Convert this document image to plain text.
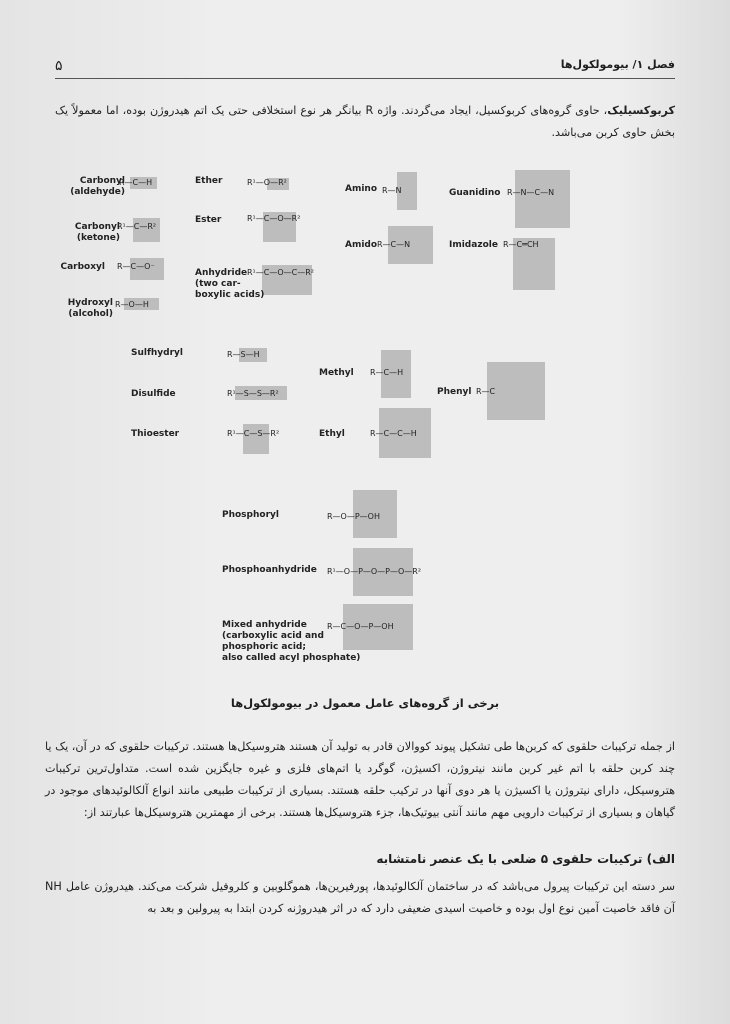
۵	فصل ۱/ بیومولکول‌ها
کربوکسیلیک، حاوی گروه‌های کربوکسیل، ایجاد می‌گردند. واژه R بیانگر هر نوع استخلافی حتی یک اتم هیدروژن بوده، اما معمولاً یک بخش حاوی کربن می‌باشد.
Carbonyl
(aldehyde)
Carbonyl
(ketone)
Carboxyl
Hydroxyl
(alcohol)
Ether
Ester
Anhydride
(two car-
boxylic acids)
Amino
Amido
Guanidino
Imidazole
Sulfhydryl
Disulfide
Thioester
Methyl
Ethyl
Phenyl
Phosphoryl
Phosphoanhydride
Mixed anhydride
(carboxylic acid and
phosphoric acid;
also called acyl phosphate)
R—C—H
R¹—C—R²
R—C—O⁻
R—O—H
R¹—O—R²
R¹—C—O—R²
R¹—C—O—C—R²
R—N
R—C—N
R—N—C—N
R—C═CH
R—S—H
R¹—S—S—R²
R¹—C—S—R²
R—C—H
R—C—C—H
R—C
R—O—P—OH
R¹—O—P—O—P—O—R²
R—C—O—P—OH
برخی از گروه‌های عامل معمول در بیومولکول‌ها
از جمله ترکیبات حلقوی که کربن‌ها طی تشکیل پیوند کووالان قادر به تولید آن هستند هتروسیکل‌ها هستند. ترکیبات حلقوی که در آن، یک یا چند کربن حلقه با اتم غیر کربن مانند نیتروژن، اکسیژن، گوگرد یا اتم‌های فلزی و غیره جایگزین شده است. متداول‌ترین ترکیبات هتروسیکل، دارای نیتروژن یا اکسیژن یا هر دوی آنها در ترکیب حلقه هستند. بسیاری از ترکیبات طبیعی مانند انواع آلکالوئیدهای موجود در گیاهان و بسیاری از ترکیبات دارویی مهم مانند آنتی بیوتیک‌ها، جزء هتروسیکل‌ها هستند. برخی از مهمترین هتروسیکل‌ها عبارتند از:
الف) ترکیبات حلقوی ۵ ضلعی با یک عنصر نامتشابه
سر دسته این ترکیبات پیرول می‌باشد که در ساختمان آلکالوئیدها، پورفیرین‌ها، هموگلوبین و کلروفیل شرکت می‌کند. هیدروژن عامل NH آن فاقد خاصیت آمین نوع اول بوده و خاصیت اسیدی ضعیفی دارد که در اثر هیدروژنه کردن ابتدا به پیرولین و بعد به
